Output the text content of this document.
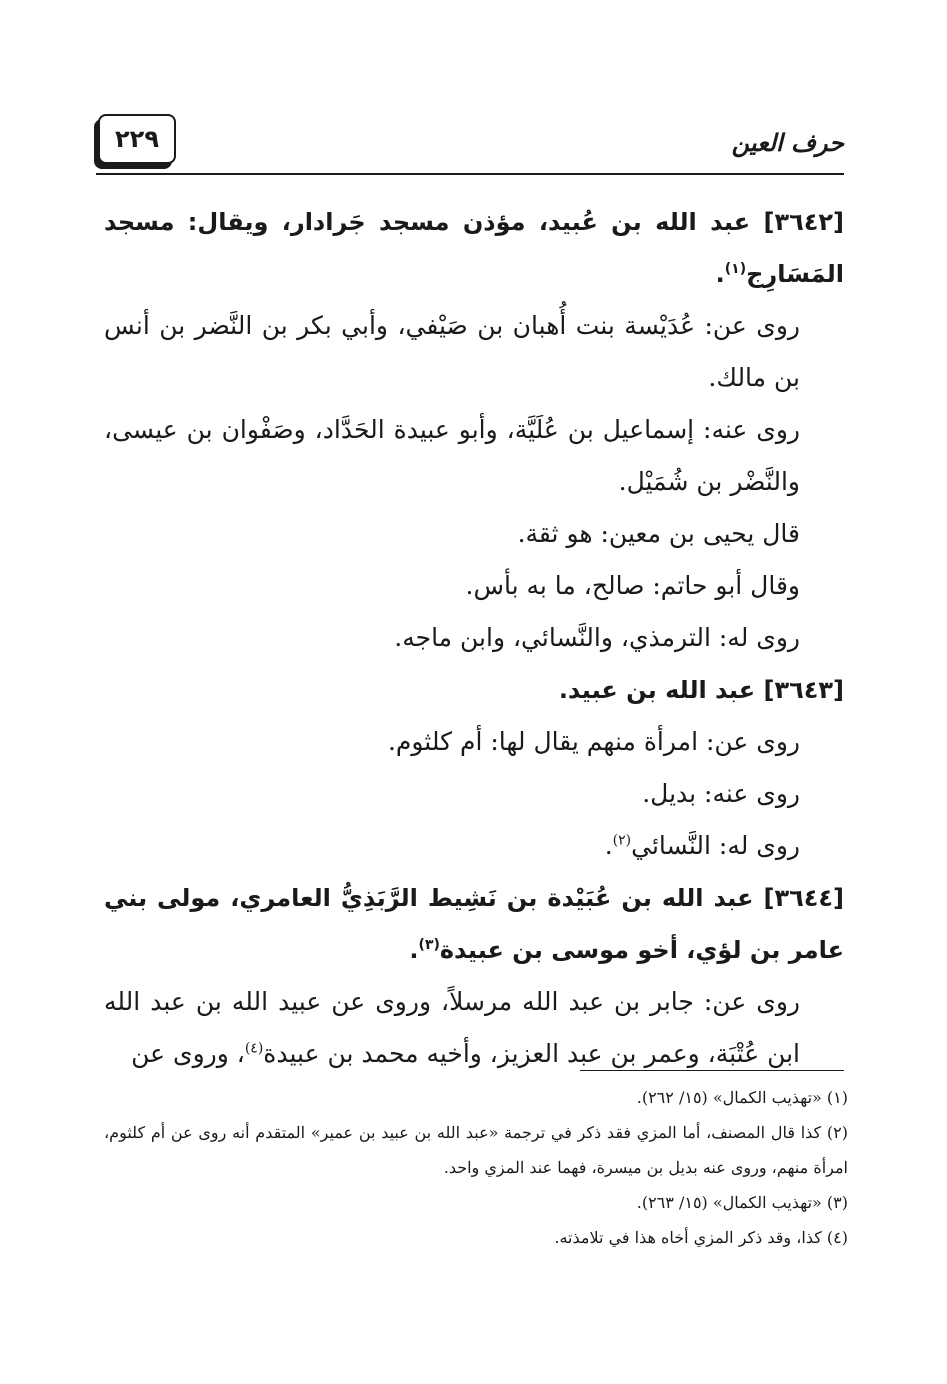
حرف العين
٢٢٩

[٣٦٤٢] عبد الله بن عُبيد، مؤذن مسجد جَرادار، ويقال: مسجد المَسَارِج$^{(١)}$.

روى عن: عُدَيْسة بنت أُهبان بن صَيْفي، وأبي بكر بن النَّضر بن أنس بن مالك.

روى عنه: إسماعيل بن عُلَيَّة، وأبو عبيدة الحَدَّاد، وصَفْوان بن عيسى، والنَّضْر بن شُمَيْل.

قال يحيى بن معين: هو ثقة.

وقال أبو حاتم: صالح، ما به بأس.

روى له: الترمذي، والنَّسائي، وابن ماجه.

[٣٦٤٣] عبد الله بن عبيد.

روى عن: امرأة منهم يقال لها: أم كلثوم.

روى عنه: بديل.

روى له: النَّسائي$^{(٢)}$.

[٣٦٤٤] عبد الله بن عُبَيْدة بن نَشِيط الرَّبَذِيُّ العامري، مولى بني عامر بن لؤي، أخو موسى بن عبيدة$^{(٣)}$.

روى عن: جابر بن عبد الله مرسلاً، وروى عن عبيد الله بن عبد الله ابن عُتْبَة، وعمر بن عبد العزيز، وأخيه محمد بن عبيدة$^{(٤)}$، وروى عن

(١) «تهذيب الكمال» (١٥/ ٢٦٢).

(٢) كذا قال المصنف، أما المزي فقد ذكر في ترجمة «عبد الله بن عبيد بن عمير» المتقدم أنه روى عن أم كلثوم، امرأة منهم، وروى عنه بديل بن ميسرة، فهما عند المزي واحد.

(٣) «تهذيب الكمال» (١٥/ ٢٦٣).

(٤) كذا، وقد ذكر المزي أخاه هذا في تلامذته.
